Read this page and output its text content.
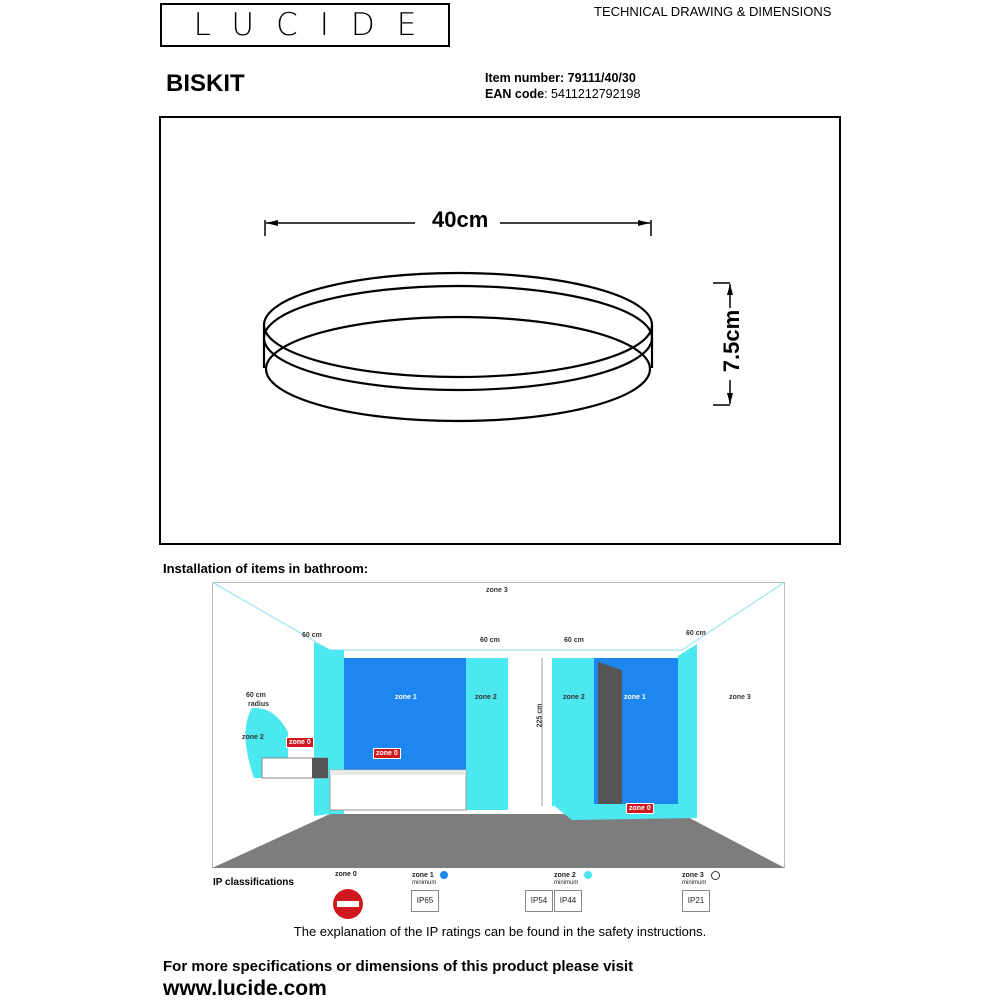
LUCIDE	TECHNICAL DRAWING & DIMENSIONS
BISKIT	Item number: 79111/40/30
EAN code: 5411212792198
40cm
7.5cm
Installation of items in bathroom:
zone 3
zone 3
zone 1	zone 1
zone 2	zone 2
zone 2
60 cm
60 cm	60 cm
60 cm
60 cm
radius	225 cm
zone 0
zone 0
zone 0
IP classifications
zone 0	zone 1
minimum
IP65
zone 2
minimum
IP54	IP44
zone 3
minimum
IP21
The explanation of the IP ratings can be found in the safety instructions.
For more specifications or dimensions of this product please visit
www.lucide.com
